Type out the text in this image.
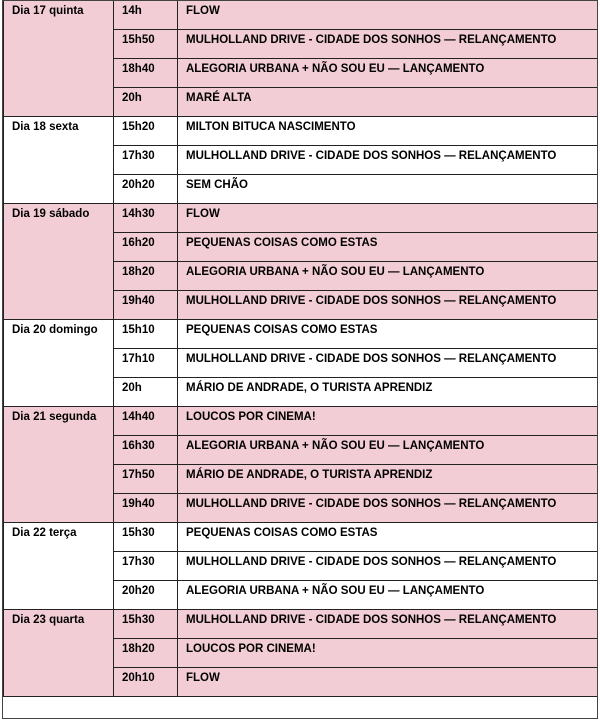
Dia 17 quinta	14h	FLOW
	15h50	MULHOLLAND DRIVE - CIDADE DOS SONHOS — RELANÇAMENTO
	18h40	ALEGORIA URBANA + NÃO SOU EU — LANÇAMENTO
	20h	MARÉ ALTA
Dia 18 sexta	15h20	MILTON BITUCA NASCIMENTO
	17h30	MULHOLLAND DRIVE - CIDADE DOS SONHOS — RELANÇAMENTO
	20h20	SEM CHÃO
Dia 19 sábado	14h30	FLOW
	16h20	PEQUENAS COISAS COMO ESTAS
	18h20	ALEGORIA URBANA + NÃO SOU EU — LANÇAMENTO
	19h40	MULHOLLAND DRIVE - CIDADE DOS SONHOS — RELANÇAMENTO
Dia 20 domingo	15h10	PEQUENAS COISAS COMO ESTAS
	17h10	MULHOLLAND DRIVE - CIDADE DOS SONHOS — RELANÇAMENTO
	20h	MÁRIO DE ANDRADE, O TURISTA APRENDIZ
Dia 21 segunda	14h40	LOUCOS POR CINEMA!
	16h30	ALEGORIA URBANA + NÃO SOU EU — LANÇAMENTO
	17h50	MÁRIO DE ANDRADE, O TURISTA APRENDIZ
	19h40	MULHOLLAND DRIVE - CIDADE DOS SONHOS — RELANÇAMENTO
Dia 22 terça	15h30	PEQUENAS COISAS COMO ESTAS
	17h30	MULHOLLAND DRIVE - CIDADE DOS SONHOS — RELANÇAMENTO
	20h20	ALEGORIA URBANA + NÃO SOU EU — LANÇAMENTO
Dia 23 quarta	15h30	MULHOLLAND DRIVE - CIDADE DOS SONHOS — RELANÇAMENTO
	18h20	LOUCOS POR CINEMA!
	20h10	FLOW
